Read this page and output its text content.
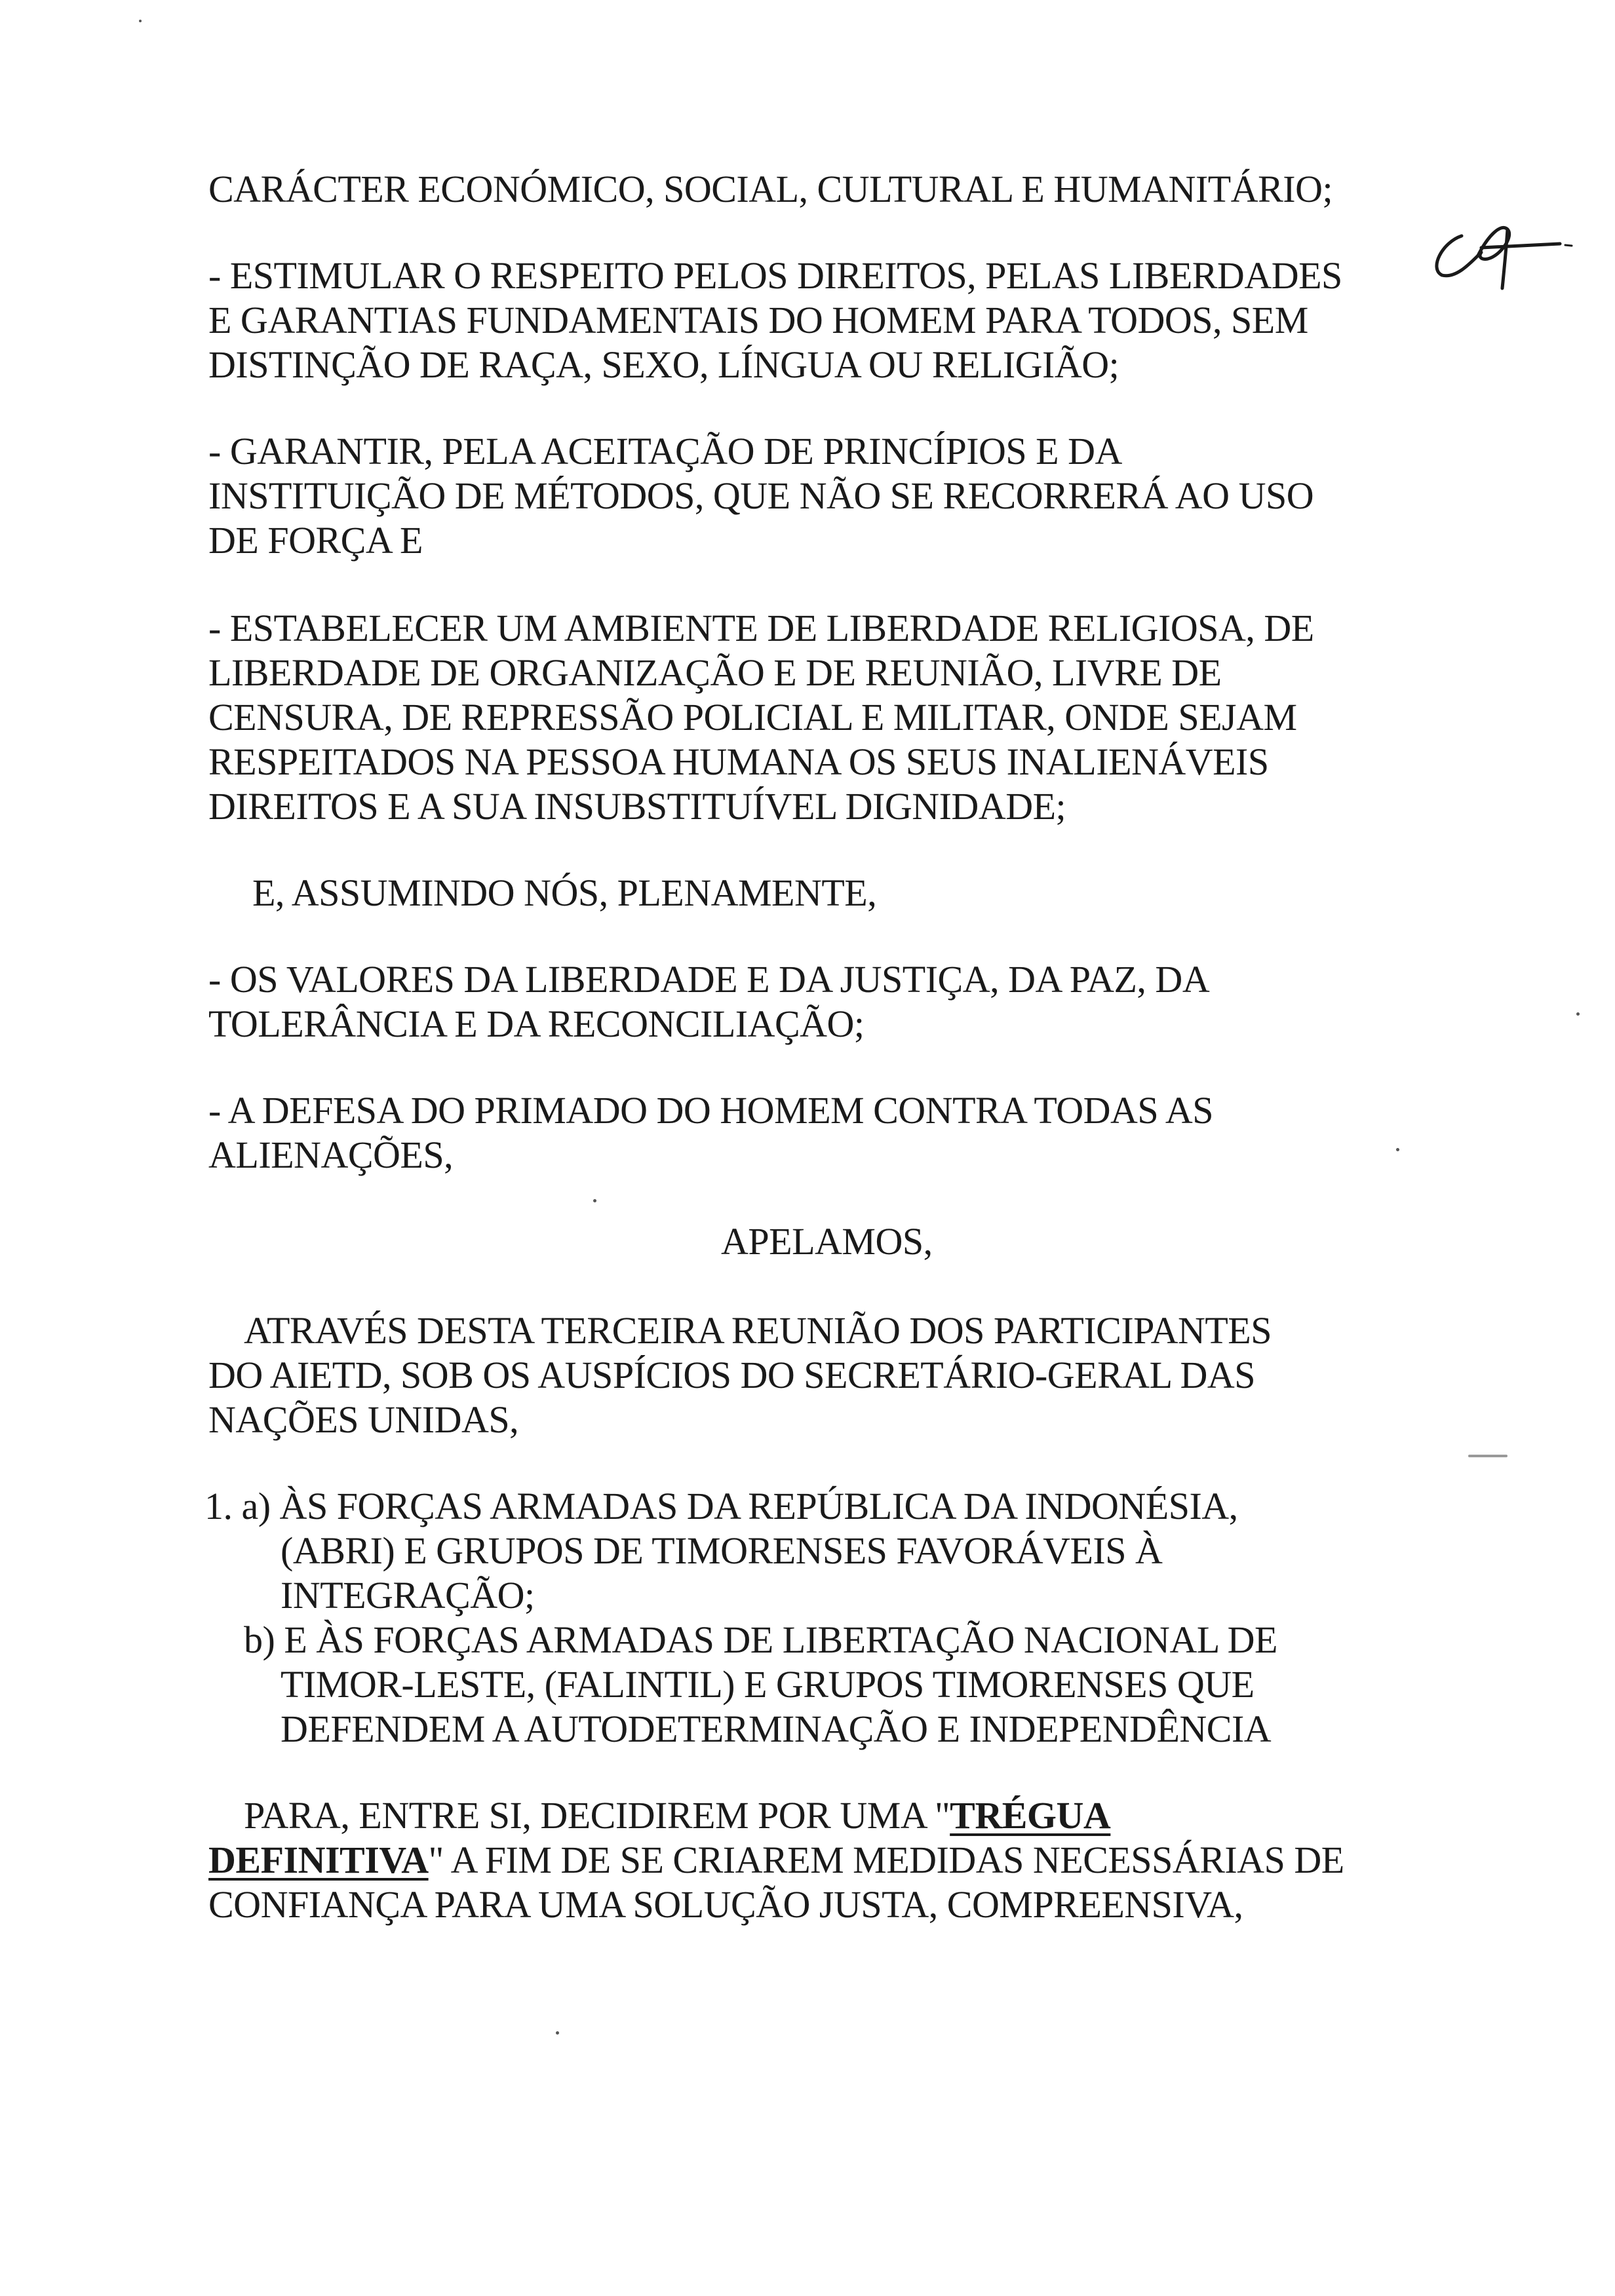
CARÁCTER ECONÓMICO, SOCIAL, CULTURAL E HUMANITÁRIO;
- ESTIMULAR O RESPEITO PELOS DIREITOS, PELAS LIBERDADES
E GARANTIAS FUNDAMENTAIS DO HOMEM PARA TODOS, SEM
DISTINÇÃO DE RAÇA, SEXO, LÍNGUA OU RELIGIÃO;
- GARANTIR, PELA ACEITAÇÃO DE PRINCÍPIOS E DA
INSTITUIÇÃO DE MÉTODOS, QUE NÃO SE RECORRERÁ AO USO
DE FORÇA E
- ESTABELECER UM AMBIENTE DE LIBERDADE RELIGIOSA, DE
LIBERDADE DE ORGANIZAÇÃO E DE REUNIÃO, LIVRE DE
CENSURA, DE REPRESSÃO POLICIAL E MILITAR, ONDE SEJAM
RESPEITADOS NA PESSOA HUMANA OS SEUS INALIENÁVEIS
DIREITOS E A SUA INSUBSTITUÍVEL DIGNIDADE;
E, ASSUMINDO NÓS, PLENAMENTE,
- OS VALORES DA LIBERDADE E DA JUSTIÇA, DA PAZ, DA
TOLERÂNCIA E DA RECONCILIAÇÃO;
- A DEFESA DO PRIMADO DO HOMEM CONTRA TODAS AS
ALIENAÇÕES,
APELAMOS,
ATRAVÉS DESTA TERCEIRA REUNIÃO DOS PARTICIPANTES
DO AIETD, SOB OS AUSPÍCIOS DO SECRETÁRIO-GERAL DAS
NAÇÕES UNIDAS,
1. a) ÀS FORÇAS ARMADAS DA REPÚBLICA DA INDONÉSIA,
(ABRI) E GRUPOS DE TIMORENSES FAVORÁVEIS À
INTEGRAÇÃO;
b) E ÀS FORÇAS ARMADAS DE LIBERTAÇÃO NACIONAL DE
TIMOR-LESTE, (FALINTIL) E GRUPOS TIMORENSES QUE
DEFENDEM A AUTODETERMINAÇÃO E INDEPENDÊNCIA
PARA, ENTRE SI, DECIDIREM POR UMA "TRÉGUA
DEFINITIVA" A FIM DE SE CRIAREM MEDIDAS NECESSÁRIAS DE
CONFIANÇA PARA UMA SOLUÇÃO JUSTA, COMPREENSIVA,
